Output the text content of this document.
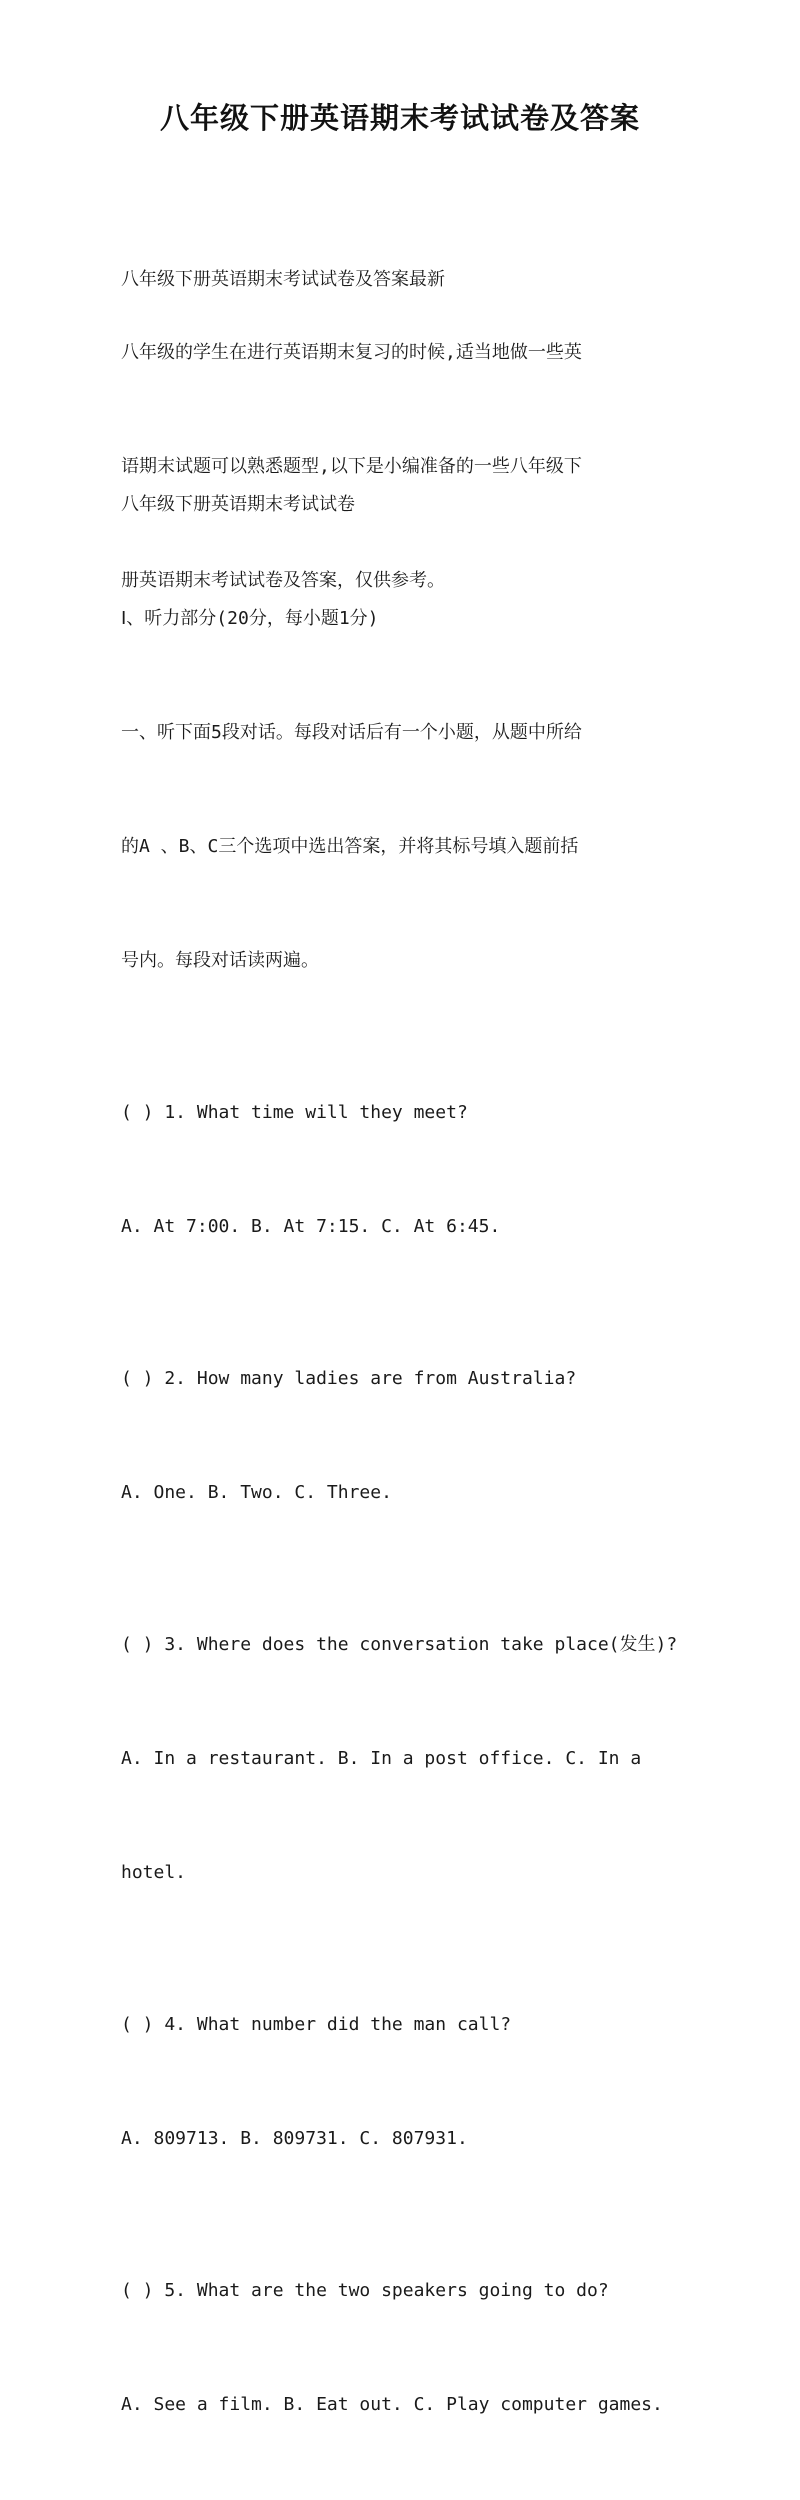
八年级下册英语期末考试试卷及答案

八年级下册英语期末考试试卷及答案最新

八年级的学生在进行英语期末复习的时候,适当地做一些英

语期末试题可以熟悉题型,以下是小编准备的一些八年级下

册英语期末考试试卷及答案，仅供参考。

八年级下册英语期末考试试卷

Ⅰ、听力部分(20分，每小题1分)

一、听下面5段对话。每段对话后有一个小题，从题中所给

的A 、B、C三个选项中选出答案，并将其标号填入题前括

号内。每段对话读两遍。

( ) 1. What time will they meet?

A. At 7:00. B. At 7:15. C. At 6:45.

( ) 2. How many ladies are from Australia?

A. One. B. Two. C. Three.

( ) 3. Where does the conversation take place(发生)?

A. In a restaurant. B. In a post office. C. In a

hotel.

( ) 4. What number did the man call?

A. 809713. B. 809731. C. 807931.

( ) 5. What are the two speakers going to do?

A. See a film. B. Eat out. C. Play computer games.
